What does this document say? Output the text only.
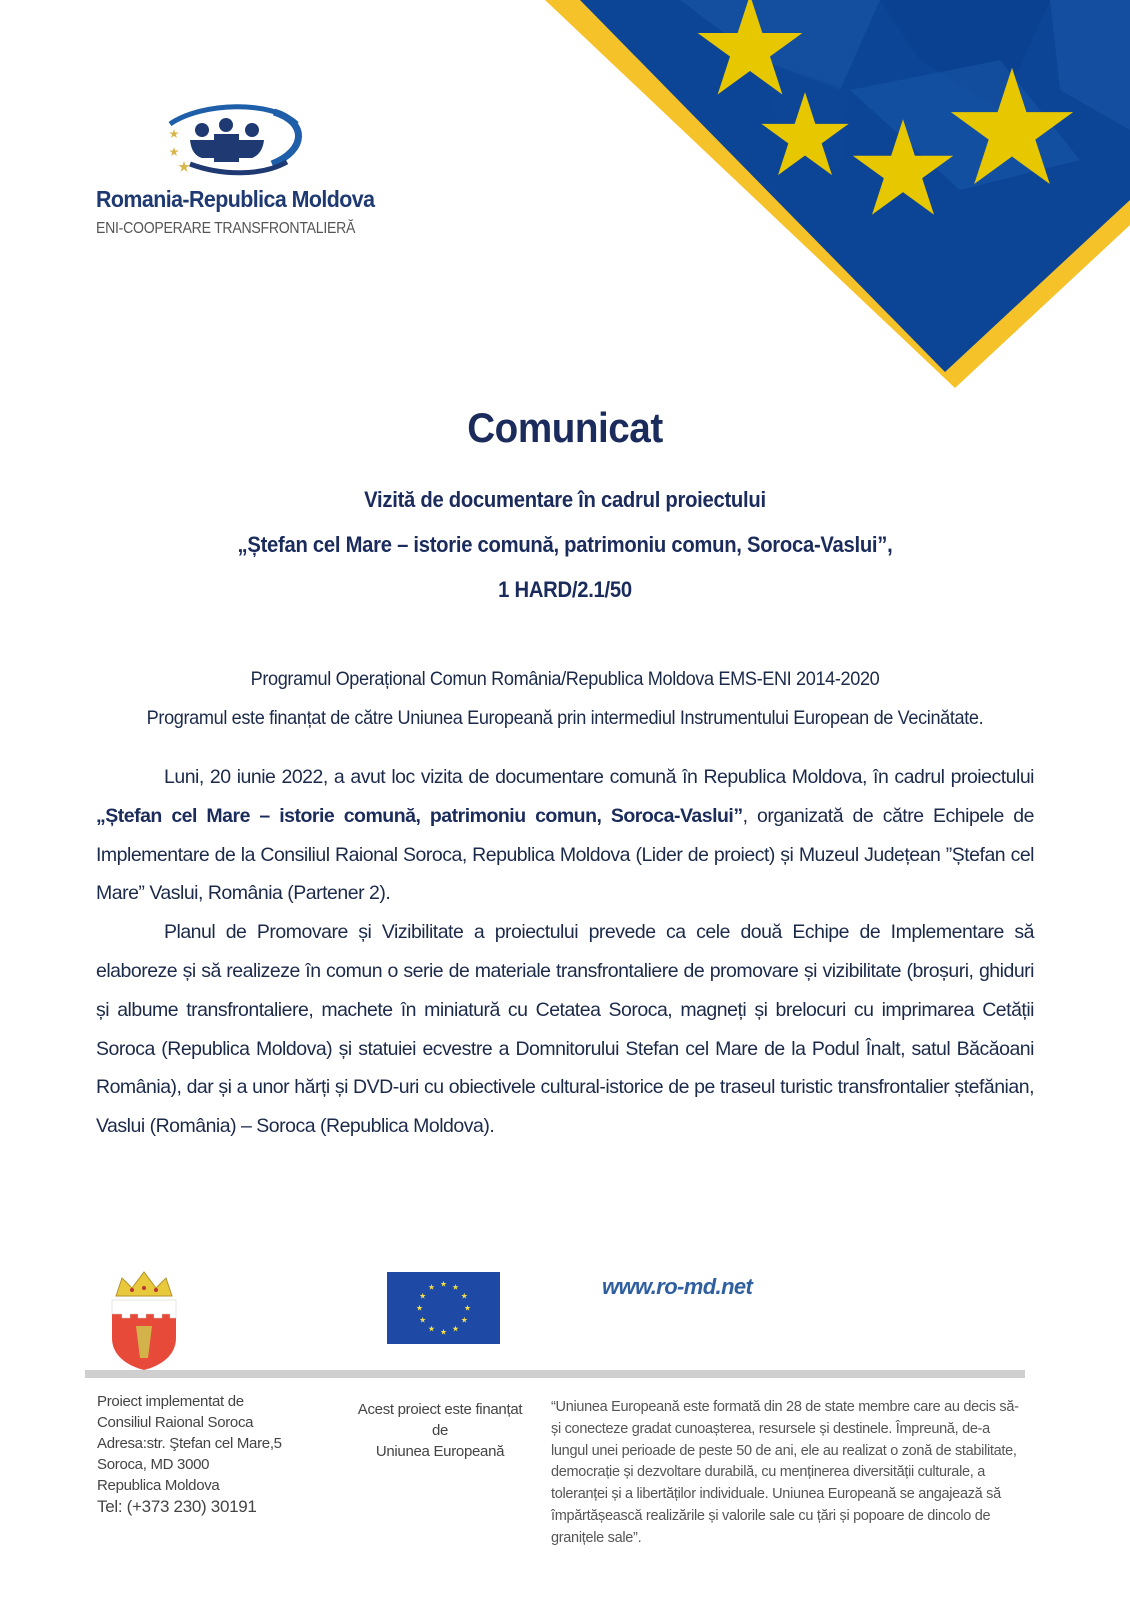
Romania-Republica Moldova
ENI-COOPERARE TRANSFRONTALIERĂ
Comunicat
Vizită de documentare în cadrul proiectului
„Ștefan cel Mare – istorie comună, patrimoniu comun, Soroca-Vaslui”,
1 HARD/2.1/50
Programul Operațional Comun România/Republica Moldova EMS-ENI 2014-2020
Programul este finanțat de către Uniunea Europeană prin intermediul Instrumentului European de Vecinătate.

Luni, 20 iunie 2022, a avut loc vizita de documentare comună în Republica Moldova, în cadrul proiectului „Ștefan cel Mare – istorie comună, patrimoniu comun, Soroca-Vaslui”, organizată de către Echipele de Implementare de la Consiliul Raional Soroca, Republica Moldova (Lider de proiect) și Muzeul Județean ”Ștefan cel Mare” Vaslui, România (Partener 2).

Planul de Promovare și Vizibilitate a proiectului prevede ca cele două Echipe de Implementare să elaboreze și să realizeze în comun o serie de materiale transfrontaliere de promovare și vizibilitate (broșuri, ghiduri și albume transfrontaliere, machete în miniatură cu Cetatea Soroca, magneți și brelocuri cu imprimarea Cetății Soroca (Republica Moldova) și statuiei ecvestre a Domnitorului Stefan cel Mare de la Podul Înalt, satul Băcăoani România), dar și a unor hărți și DVD-uri cu obiectivele cultural-istorice de pe traseul turistic transfrontalier ștefănian, Vaslui (România) – Soroca (Republica Moldova).

www.ro-md.net
Proiect implementat de
Consiliul Raional Soroca
Adresa:str. Ştefan cel Mare,5
Soroca, MD 3000
Republica Moldova
Tel: (+373 230) 30191
Acest proiect este finanțat
de
Uniunea Europeană
“Uniunea Europeană este formată din 28 de state membre care au decis să-și conecteze gradat cunoașterea, resursele și destinele. Împreună, de-a lungul unei perioade de peste 50 de ani, ele au realizat o zonă de stabilitate, democrație și dezvoltare durabilă, cu menținerea diversității culturale, a toleranței și a libertăților individuale. Uniunea Europeană se angajează să împărtășească realizările și valorile sale cu țări și popoare de dincolo de granițele sale”.
